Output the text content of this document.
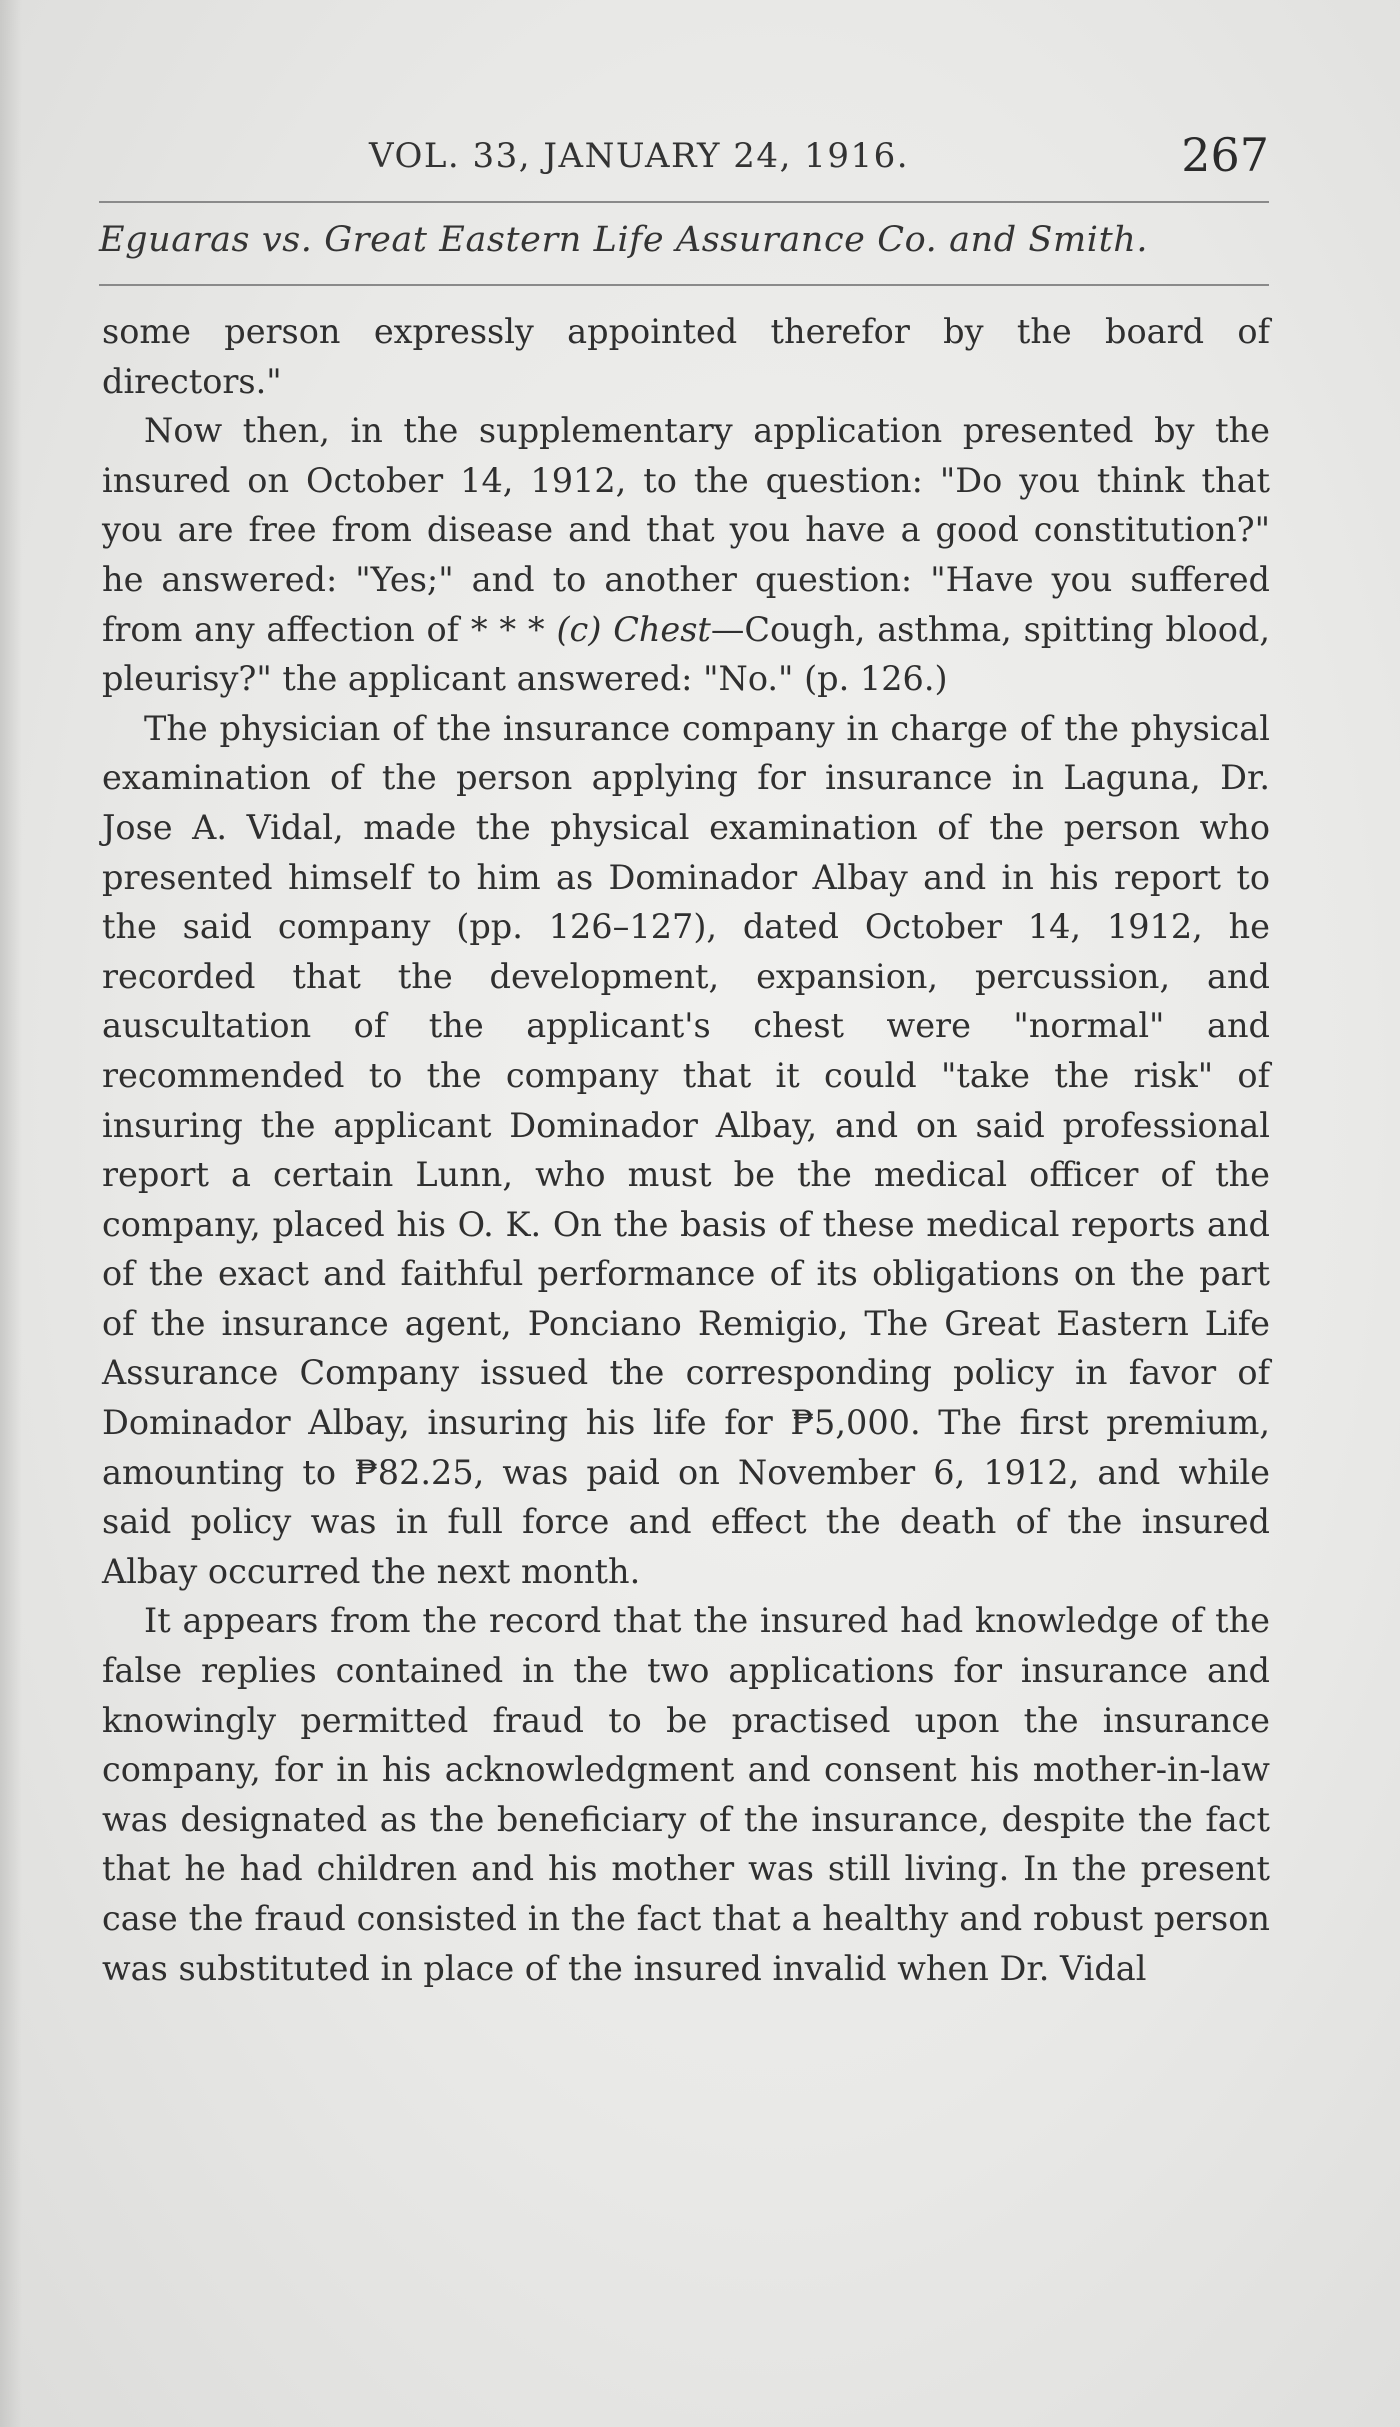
VOL. 33, JANUARY 24, 1916.	267
Eguaras vs. Great Eastern Life Assurance Co. and Smith.

some person expressly appointed therefor by the board of directors."

Now then, in the supplementary application presented by the insured on October 14, 1912, to the question: "Do you think that you are free from disease and that you have a good constitution?" he answered: "Yes;" and to another question: "Have you suffered from any affection of * * * (c) Chest—Cough, asthma, spitting blood, pleurisy?" the applicant answered: "No." (p. 126.)

The physician of the insurance company in charge of the physical examination of the person applying for insurance in Laguna, Dr. Jose A. Vidal, made the physical examination of the person who presented himself to him as Dominador Albay and in his report to the said company (pp. 126–127), dated October 14, 1912, he recorded that the development, expansion, percussion, and auscultation of the applicant's chest were "normal" and recommended to the company that it could "take the risk" of insuring the applicant Dominador Albay, and on said professional report a certain Lunn, who must be the medical officer of the company, placed his O. K. On the basis of these medical reports and of the exact and faithful performance of its obligations on the part of the insurance agent, Ponciano Remigio, The Great Eastern Life Assurance Company issued the corresponding policy in favor of Dominador Albay, insuring his life for ₱5,000. The first premium, amounting to ₱82.25, was paid on November 6, 1912, and while said policy was in full force and effect the death of the insured Albay occurred the next month.

It appears from the record that the insured had knowledge of the false replies contained in the two applications for insurance and knowingly permitted fraud to be practised upon the insurance company, for in his acknowledgment and consent his mother-in-law was designated as the beneficiary of the insurance, despite the fact that he had children and his mother was still living. In the present case the fraud consisted in the fact that a healthy and robust person was substituted in place of the insured invalid when Dr. Vidal
